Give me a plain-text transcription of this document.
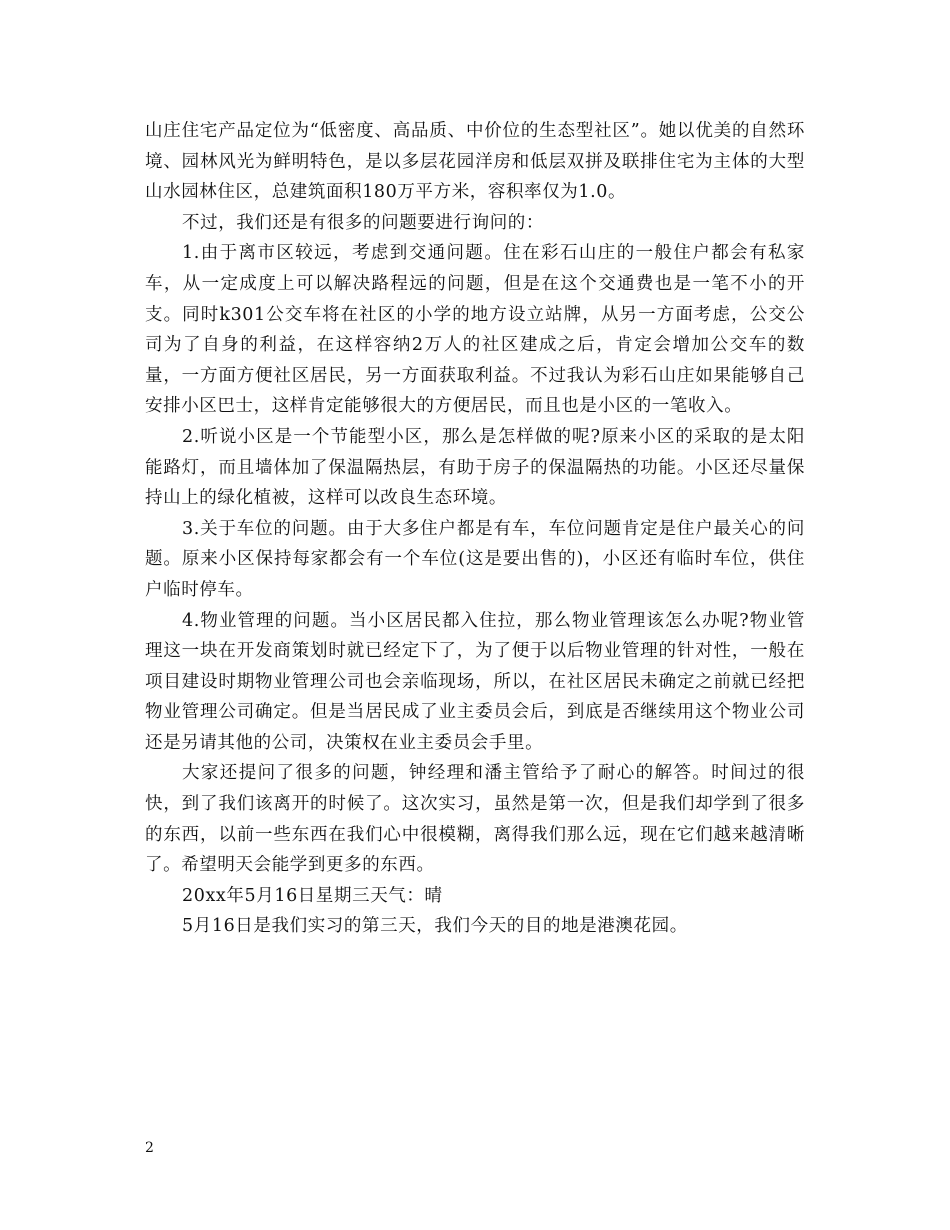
山庄住宅产品定位为“低密度、高品质、中价位的生态型社区”。她以优美的自然环境、园林风光为鲜明特色，是以多层花园洋房和低层双拼及联排住宅为主体的大型山水园林住区，总建筑面积180万平方米，容积率仅为1.0。

不过，我们还是有很多的问题要进行询问的：

1.由于离市区较远，考虑到交通问题。住在彩石山庄的一般住户都会有私家车，从一定成度上可以解决路程远的问题，但是在这个交通费也是一笔不小的开支。同时k301公交车将在社区的小学的地方设立站牌，从另一方面考虑，公交公司为了自身的利益，在这样容纳2万人的社区建成之后，肯定会增加公交车的数量，一方面方便社区居民，另一方面获取利益。不过我认为彩石山庄如果能够自己安排小区巴士，这样肯定能够很大的方便居民，而且也是小区的一笔收入。

2.听说小区是一个节能型小区，那么是怎样做的呢?原来小区的采取的是太阳能路灯，而且墙体加了保温隔热层，有助于房子的保温隔热的功能。小区还尽量保持山上的绿化植被，这样可以改良生态环境。

3.关于车位的问题。由于大多住户都是有车，车位问题肯定是住户最关心的问题。原来小区保持每家都会有一个车位(这是要出售的)，小区还有临时车位，供住户临时停车。

4.物业管理的问题。当小区居民都入住拉，那么物业管理该怎么办呢?物业管理这一块在开发商策划时就已经定下了，为了便于以后物业管理的针对性，一般在项目建设时期物业管理公司也会亲临现场，所以，在社区居民未确定之前就已经把物业管理公司确定。但是当居民成了业主委员会后，到底是否继续用这个物业公司还是另请其他的公司，决策权在业主委员会手里。

大家还提问了很多的问题，钟经理和潘主管给予了耐心的解答。时间过的很快，到了我们该离开的时候了。这次实习，虽然是第一次，但是我们却学到了很多的东西，以前一些东西在我们心中很模糊，离得我们那么远，现在它们越来越清晰了。希望明天会能学到更多的东西。

20xx年5月16日星期三天气：晴

5月16日是我们实习的第三天，我们今天的目的地是港澳花园。

2
